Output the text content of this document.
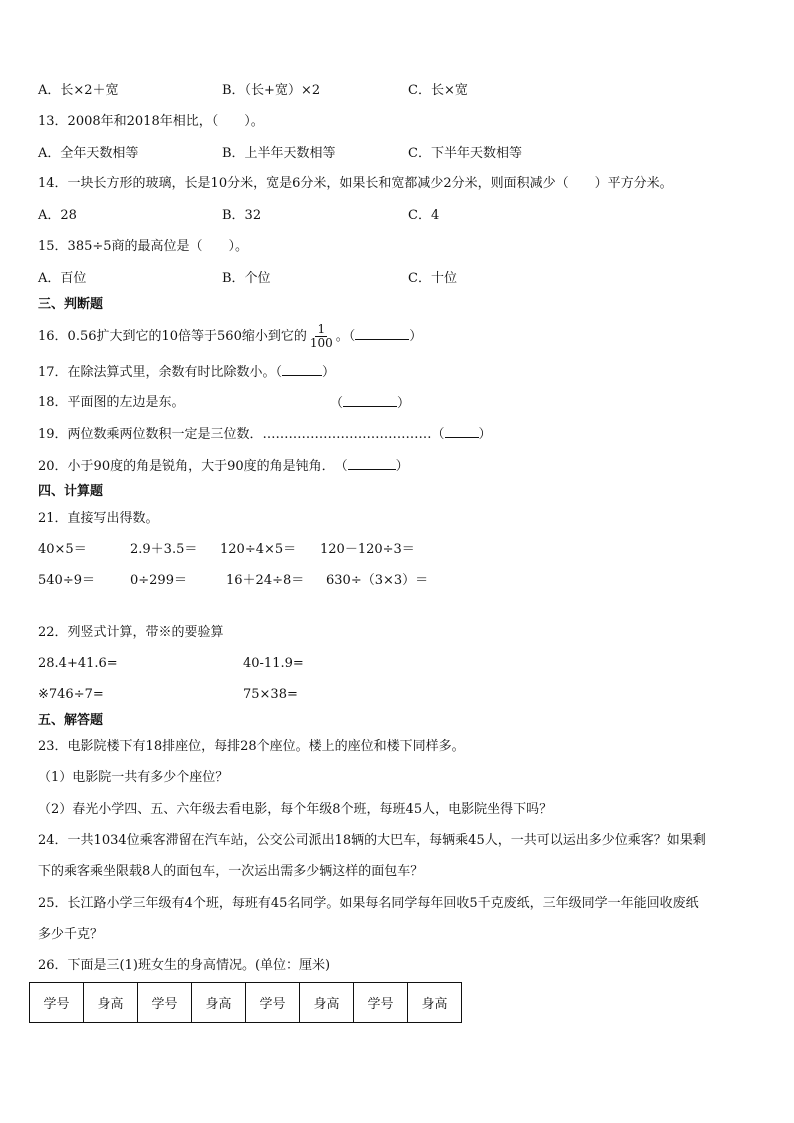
A．长×2＋宽	B．（长+宽）×2	C．长×宽
13．2008年和2018年相比，（　　）。
A．全年天数相等	B．上半年天数相等	C．下半年天数相等
14．一块长方形的玻璃，长是10分米，宽是6分米，如果长和宽都减少2分米，则面积减少（　　）平方分米。
A．28	B．32	C．4
15．385÷5商的最高位是（　　）。
A．百位	B．个位	C．十位
三、判断题
16．0.56扩大到它的10倍等于560缩小到它的 $\frac{1}{100}$ 。（	）
17．在除法算式里，余数有时比除数小。（	）
18．平面图的左边是东。	（	）
19．两位数乘两位数积一定是三位数．…………………………………（	）
20．小于90度的角是锐角，大于90度的角是钝角．　（	）
四、计算题
21．直接写出得数。
40×5＝	2.9＋3.5＝ 120÷4×5＝ 120－120÷3＝
540÷9＝	0÷299＝	16＋24÷8＝ 630÷（3×3）＝
22．列竖式计算，带※的要验算
28.4+41.6=	40-11.9=
※746÷7=	75×38=
五、解答题
23．电影院楼下有18排座位，每排28个座位。楼上的座位和楼下同样多。
（1）电影院一共有多少个座位？
（2）春光小学四、五、六年级去看电影，每个年级8个班，每班45人，电影院坐得下吗？
24．一共1034位乘客滞留在汽车站，公交公司派出18辆的大巴车，每辆乘45人，一共可以运出多少位乘客？如果剩
下的乘客乘坐限载8人的面包车，一次运出需多少辆这样的面包车？
25．长江路小学三年级有4个班，每班有45名同学。如果每名同学每年回收5千克废纸，三年级同学一年能回收废纸
多少千克？
26．下面是三(1)班女生的身高情况。(单位：厘米)
学号	身高	学号	身高	学号	身高	学号	身高
